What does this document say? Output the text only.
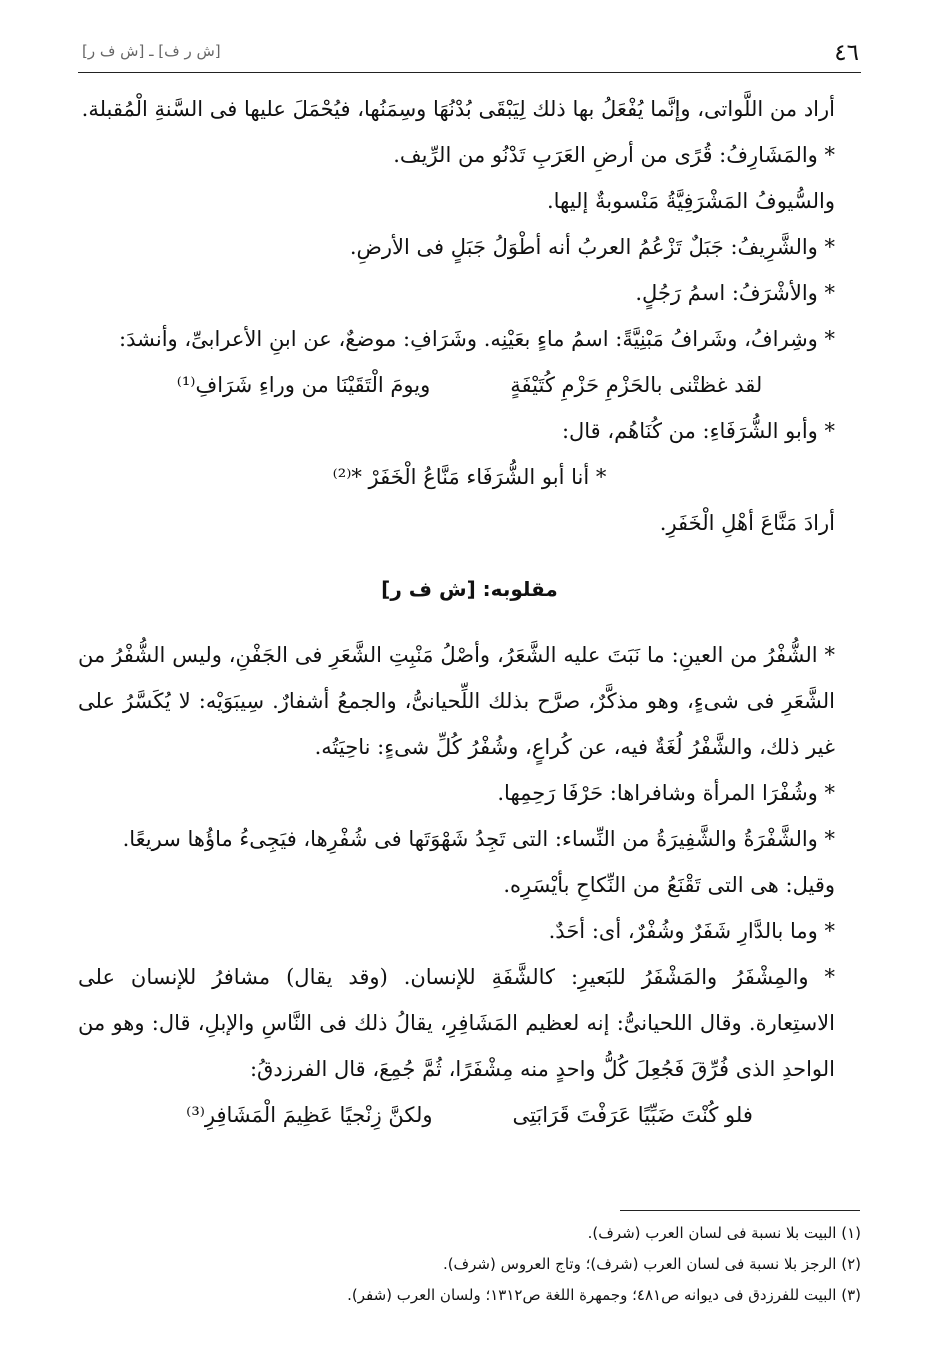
٤٦
[ش ر ف] ـ [ش ف ر]

أراد من اللَّواتى، وإنَّما يُفْعَلُ بها ذلك لِيَبْقَى بُدْنُهَا وسِمَنُها، فيُحْمَلَ عليها فى السَّنةِ الْمُقبلة.

* والمَشَارِفُ: قُرًى من أرضِ العَرَبِ تَدْنُو من الرِّيف.

والسُّيوفُ المَشْرَفِيَّةُ مَنْسوبةٌ إليها.

* والشَّرِيفُ: جَبَلٌ تَزْعُمُ العربُ أنه أطْوَلُ جَبَلٍ فى الأرضِ.

* والأشْرَفُ: اسمُ رَجُلٍ.

* وشِرافُ، وشَرافُ مَبْنِيَّةً: اسمُ ماءٍ بعَيْنِه. وشَرَافِ: موضعٌ، عن ابنِ الأعرابىِّ، وأنشدَ:

لقد غظتْنى بالحَزْمِ حَزْمِ كُتَيْفَةٍ
ويومَ الْتَقَيْنَا من وراءِ شَرَافِ⁽¹⁾

* وأبو الشُّرَفَاءِ: من كُنَاهُم، قال:

* أنا أبو الشُّرَفَاء مَنَّاعُ الْخَفَرْ *⁽²⁾

أرادَ مَنَّاعَ أهْلِ الْخَفَرِ.

مقلوبه: [ش ف ر]

* الشُّفْرُ من العينِ: ما نَبَتَ عليه الشَّعَرُ، وأصْلُ مَنْبِتِ الشَّعَرِ فى الجَفْنِ، وليس الشُّفْرُ من الشَّعَرِ فى شىءٍ، وهو مذكَّرٌ، صرَّح بذلك اللِّحيانىُّ، والجمعُ أشفارٌ. سِيبَوَيْه: لا يُكَسَّرُ على غير ذلك، والشَّفْرُ لُغَةٌ فيه، عن كُراعٍ، وشُفْرُ كُلِّ شىءٍ: ناحِيَتُه.

* وشُفْرَا المرأة وشافراها: حَرْفَا رَحِمِها.

* والشَّفْرَةُ والشَّفِيرَةُ من النِّساء: التى تَجِدُ شَهْوَتَها فى شُفْرِها، فيَجِىءُ ماؤُها سريعًا.

وقيل: هى التى تَقْنَعُ من النِّكاحِ بأيْسَرِه.

* وما بالدَّارِ شَفَرٌ وشُفْرٌ، أى: أحَدٌ.

* والمِشْفَرُ والمَشْفَرُ للبَعيرِ: كالشَّفَةِ للإنسان. (وقد يقال) مشافرُ للإنسان على الاستِعارة. وقال اللحيانىُّ: إنه لعظيم المَشَافِرِ، يقالُ ذلك فى النَّاسِ والإبلِ، قال: وهو من الواحدِ الذى فُرِّقَ فَجُعِلَ كُلُّ واحدٍ منه مِشْفَرًا، ثُمَّ جُمِعَ، قال الفرزدقُ:

فلو كُنْتَ ضَبِّيًا عَرَفْتَ قَرَابَتِى
ولكنَّ زِنْجيًا عَظِيمَ الْمَشَافِرِ⁽³⁾

(١) البيت بلا نسبة فى لسان العرب (شرف).

(٢) الرجز بلا نسبة فى لسان العرب (شرف)؛ وتاج العروس (شرف).

(٣) البيت للفرزدق فى ديوانه ص٤٨١؛ وجمهرة اللغة ص١٣١٢؛ ولسان العرب (شفر).
